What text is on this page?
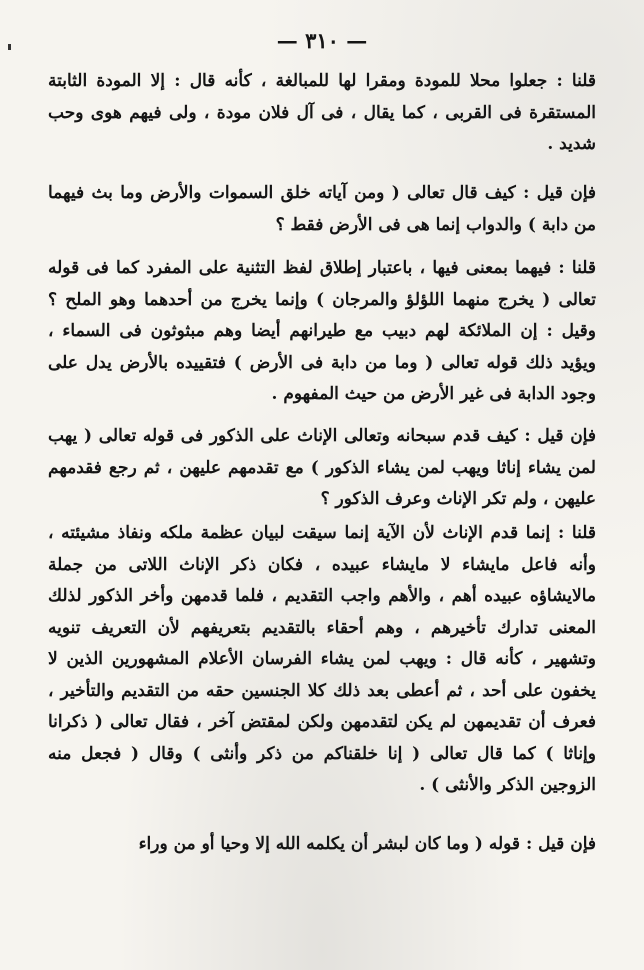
— ٣١٠ —

قلنا : جعلوا محلا للمودة ومقرا لها للمبالغة ، كأنه قال : إلا المودة الثابتة المستقرة فى القربى ، كما يقال ، فى آل فلان مودة ، ولى فيهم هوى وحب شديد .

فإن قيل : كيف قال تعالى ( ومن آياته خلق السموات والأرض وما بث فيهما من دابة ) والدواب إنما هى فى الأرض فقط ؟

قلنا : فيهما بمعنى فيها ، باعتبار إطلاق لفظ التثنية على المفرد كما فى قوله تعالى ( يخرج منهما اللؤلؤ والمرجان ) وإنما يخرج من أحدهما وهو الملح ؟ وقيل : إن الملائكة لهم دبيب مع طيرانهم أيضا وهم مبثوثون فى السماء ، ويؤيد ذلك قوله تعالى ( وما من دابة فى الأرض ) فتقييده بالأرض يدل على وجود الدابة فى غير الأرض من حيث المفهوم .

فإن قيل : كيف قدم سبحانه وتعالى الإناث على الذكور فى قوله تعالى ( يهب لمن يشاء إناثا ويهب لمن يشاء الذكور ) مع تقدمهم عليهن ، ثم رجع فقدمهم عليهن ، ولم تكر الإناث وعرف الذكور ؟

قلنا : إنما قدم الإناث لأن الآية إنما سيقت لبيان عظمة ملكه ونفاذ مشيئته ، وأنه فاعل مايشاء لا مايشاء عبيده ، فكان ذكر الإناث اللاتى من جملة مالايشاؤه عبيده أهم ، والأهم واجب التقديم ، فلما قدمهن وأخر الذكور لذلك المعنى تدارك تأخيرهم ، وهم أحقاء بالتقديم بتعريفهم لأن التعريف تنويه وتشهير ، كأنه قال : ويهب لمن يشاء الفرسان الأعلام المشهورين الذين لا يخفون على أحد ، ثم أعطى بعد ذلك كلا الجنسين حقه من التقديم والتأخير ، فعرف أن تقديمهن لم يكن لتقدمهن ولكن لمقتض آخر ، فقال تعالى ( ذكرانا وإناثا ) كما قال تعالى ( إنا خلقناكم من ذكر وأنثى ) وقال ( فجعل منه الزوجين الذكر والأنثى ) .

فإن قيل : قوله ( وما كان لبشر أن يكلمه الله إلا وحيا أو من وراء
